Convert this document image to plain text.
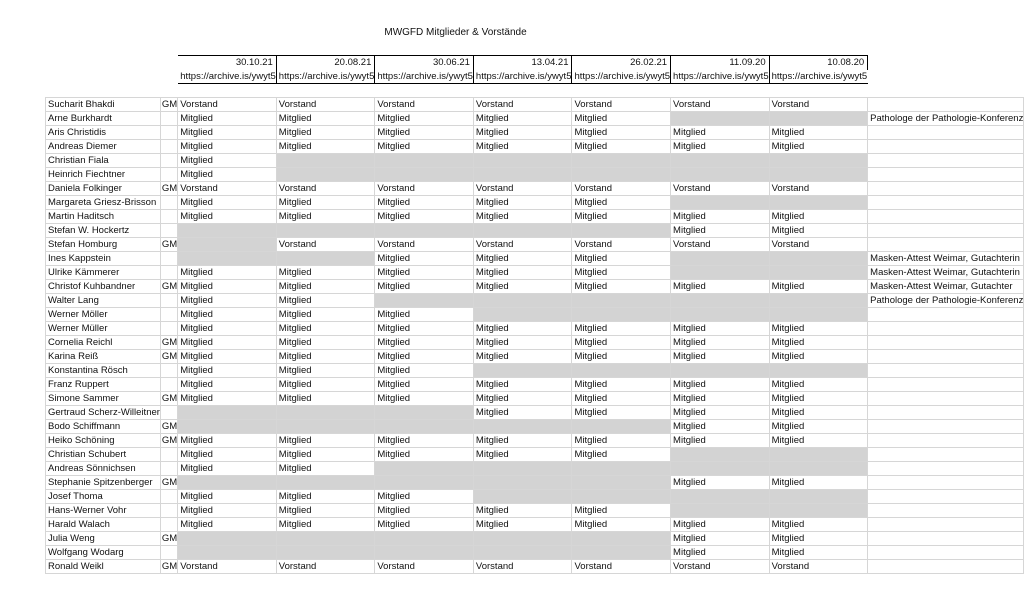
MWGFD Mitglieder & Vorstände
		30.10.21	20.08.21	30.06.21	13.04.21	26.02.21	11.09.20	10.08.20	
		https://archive.is/ywyt5	https://archive.is/ywyt5	https://archive.is/ywyt5	https://archive.is/ywyt5	https://archive.is/ywyt5	https://archive.is/ywyt5	https://archive.is/ywyt5	

Sucharit Bhakdi	GM	Vorstand	Vorstand	Vorstand	Vorstand	Vorstand	Vorstand	Vorstand	
Arne Burkhardt		Mitglied	Mitglied	Mitglied	Mitglied	Mitglied			Pathologe der Pathologie-Konferenz
Aris Christidis		Mitglied	Mitglied	Mitglied	Mitglied	Mitglied	Mitglied	Mitglied	
Andreas Diemer		Mitglied	Mitglied	Mitglied	Mitglied	Mitglied	Mitglied	Mitglied	
Christian Fiala		Mitglied							
Heinrich Fiechtner		Mitglied							
Daniela Folkinger	GM	Vorstand	Vorstand	Vorstand	Vorstand	Vorstand	Vorstand	Vorstand	
Margareta Griesz-Brisson		Mitglied	Mitglied	Mitglied	Mitglied	Mitglied			
Martin Haditsch		Mitglied	Mitglied	Mitglied	Mitglied	Mitglied	Mitglied	Mitglied	
Stefan W. Hockertz							Mitglied	Mitglied	
Stefan Homburg	GM		Vorstand	Vorstand	Vorstand	Vorstand	Vorstand	Vorstand	
Ines Kappstein				Mitglied	Mitglied	Mitglied			Masken-Attest Weimar, Gutachterin
Ulrike Kämmerer		Mitglied	Mitglied	Mitglied	Mitglied	Mitglied			Masken-Attest Weimar, Gutachterin
Christof Kuhbandner	GM	Mitglied	Mitglied	Mitglied	Mitglied	Mitglied	Mitglied	Mitglied	Masken-Attest Weimar, Gutachter
Walter Lang		Mitglied	Mitglied						Pathologe der Pathologie-Konferenz
Werner Möller		Mitglied	Mitglied	Mitglied					
Werner Müller		Mitglied	Mitglied	Mitglied	Mitglied	Mitglied	Mitglied	Mitglied	
Cornelia Reichl	GM	Mitglied	Mitglied	Mitglied	Mitglied	Mitglied	Mitglied	Mitglied	
Karina Reiß	GM	Mitglied	Mitglied	Mitglied	Mitglied	Mitglied	Mitglied	Mitglied	
Konstantina Rösch		Mitglied	Mitglied	Mitglied					
Franz Ruppert		Mitglied	Mitglied	Mitglied	Mitglied	Mitglied	Mitglied	Mitglied	
Simone Sammer	GM	Mitglied	Mitglied	Mitglied	Mitglied	Mitglied	Mitglied	Mitglied	
Gertraud Scherz-Willeitner					Mitglied	Mitglied	Mitglied	Mitglied	
Bodo Schiffmann	GM						Mitglied	Mitglied	
Heiko Schöning	GM	Mitglied	Mitglied	Mitglied	Mitglied	Mitglied	Mitglied	Mitglied	
Christian Schubert		Mitglied	Mitglied	Mitglied	Mitglied	Mitglied			
Andreas Sönnichsen		Mitglied	Mitglied						
Stephanie Spitzenberger	GM						Mitglied	Mitglied	
Josef Thoma		Mitglied	Mitglied	Mitglied					
Hans-Werner Vohr		Mitglied	Mitglied	Mitglied	Mitglied	Mitglied			
Harald Walach		Mitglied	Mitglied	Mitglied	Mitglied	Mitglied	Mitglied	Mitglied	
Julia Weng	GM						Mitglied	Mitglied	
Wolfgang Wodarg							Mitglied	Mitglied	
Ronald Weikl	GM	Vorstand	Vorstand	Vorstand	Vorstand	Vorstand	Vorstand	Vorstand	
